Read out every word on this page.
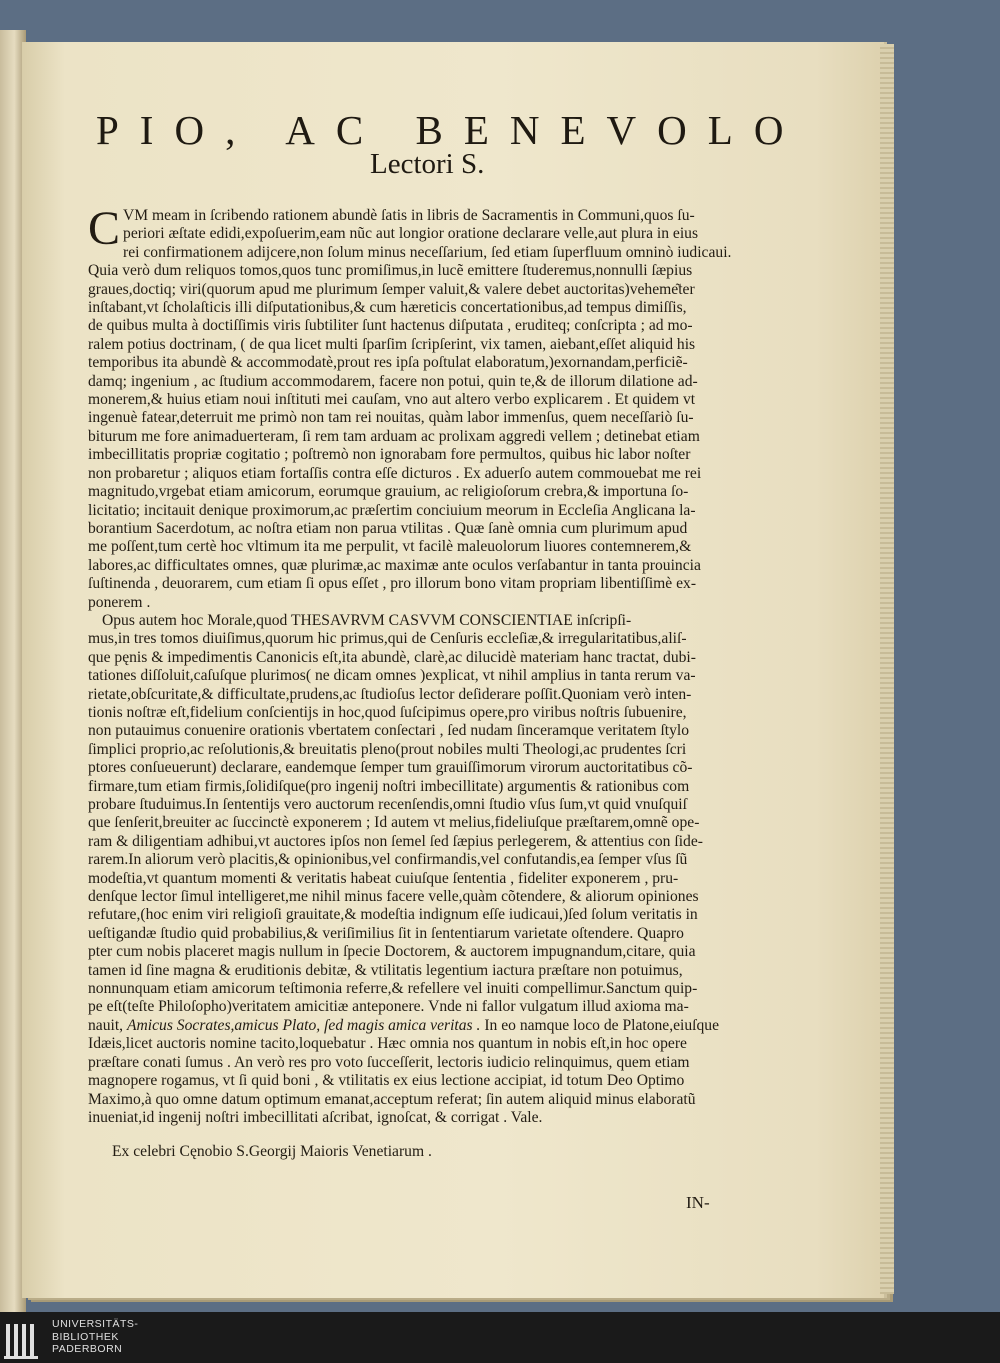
PIO, AC BENEVOLO
Lectori S.
C VM meam in ſcribendo rationem abundè ſatis in libris de Sacramentis in Communi,quos ſu-
periori æſtate edidi,expoſuerim,eam nũc aut longior oratione declarare velle,aut plura in eius
rei confirmationem adijcere,non ſolum minus neceſſarium, ſed etiam ſuperfluum omninò iudicaui.
Quia verò dum reliquos tomos,quos tunc promiſimus,in lucẽ emittere ſtuderemus,nonnulli ſæpius
graues,doctiq; viri(quorum apud me plurimum ſemper valuit,& valere debet auctoritas)veheme͂ter
inſtabant,vt ſcholaſticis illi diſputationibus,& cum hæreticis concertationibus,ad tempus dimiſſis,
de quibus multa à doctiſſimis viris ſubtiliter ſunt hactenus diſputata , eruditeq; conſcripta ; ad mo-
ralem potius doctrinam, ( de qua licet multi ſparſim ſcripſerint, vix tamen, aiebant,eſſet aliquid his
temporibus ita abundè & accommodatè,prout res ipſa poſtulat elaboratum,)exornandam,perficiẽ-
damq; ingenium , ac ſtudium accommodarem, facere non potui, quin te,& de illorum dilatione ad-
monerem,& huius etiam noui inſtituti mei cauſam, vno aut altero verbo explicarem . Et quidem vt
ingenuè fatear,deterruit me primò non tam rei nouitas, quàm labor immenſus, quem neceſſariò ſu-
biturum me fore animaduerteram, ſi rem tam arduam ac prolixam aggredi vellem ; detinebat etiam
imbecillitatis propriæ cogitatio ; poſtremò non ignorabam fore permultos, quibus hic labor noſter
non probaretur ; aliquos etiam fortaſſis contra eſſe dicturos . Ex aduerſo autem commouebat me rei
magnitudo,vrgebat etiam amicorum, eorumque grauium, ac religioſorum crebra,& importuna ſo-
licitatio; incitauit denique proximorum,ac præſertim conciuium meorum in Eccleſia Anglicana la-
borantium Sacerdotum, ac noſtra etiam non parua vtilitas . Quæ ſanè omnia cum plurimum apud
me poſſent,tum certè hoc vltimum ita me perpulit, vt facilè maleuolorum liuores contemnerem,&
labores,ac difficultates omnes, quæ plurimæ,ac maximæ ante oculos verſabantur in tanta prouincia
ſuſtinenda , deuorarem, cum etiam ſi opus eſſet , pro illorum bono vitam propriam libentiſſimè ex-
ponerem .
Opus autem hoc Morale,quod THESAVRVM CASVVM CONSCIENTIAE inſcripſi-
mus,in tres tomos diuiſimus,quorum hic primus,qui de Cenſuris eccleſiæ,& irregularitatibus,aliſ-
que pęnis & impedimentis Canonicis eſt,ita abundè, clarè,ac dilucidè materiam hanc tractat, dubi-
tationes diſſoluit,caſuſque plurimos( ne dicam omnes )explicat, vt nihil amplius in tanta rerum va-
rietate,obſcuritate,& difficultate,prudens,ac ſtudioſus lector deſiderare poſſit.Quoniam verò inten-
tionis noſtræ eſt,fidelium conſcientijs in hoc,quod ſuſcipimus opere,pro viribus noſtris ſubuenire,
non putauimus conuenire orationis vbertatem conſectari , ſed nudam ſinceramque veritatem ſtylo
ſimplici proprio,ac reſolutionis,& breuitatis pleno(prout nobiles multi Theologi,ac prudentes ſcri
ptores conſueuerunt) declarare, eandemque ſemper tum grauiſſimorum virorum auctoritatibus cõ-
firmare,tum etiam firmis,ſolidiſque(pro ingenij noſtri imbecillitate) argumentis & rationibus com
probare ſtuduimus.In ſententijs vero auctorum recenſendis,omni ſtudio vſus ſum,vt quid vnuſquiſ
que ſenſerit,breuiter ac ſuccinctè exponerem ; Id autem vt melius,fideliuſque præſtarem,omnẽ ope-
ram & diligentiam adhibui,vt auctores ipſos non ſemel ſed ſæpius perlegerem, & attentius con ſide-
rarem.In aliorum verò placitis,& opinionibus,vel confirmandis,vel confutandis,ea ſemper vſus ſũ
modeſtia,vt quantum momenti & veritatis habeat cuiuſque ſententia , fideliter exponerem , pru-
denſque lector ſimul intelligeret,me nihil minus facere velle,quàm cõtendere, & aliorum opiniones
refutare,(hoc enim viri religioſi grauitate,& modeſtia indignum eſſe iudicaui,)ſed ſolum veritatis in
ueſtigandæ ſtudio quid probabilius,& veriſimilius ſit in ſententiarum varietate oſtendere. Quapro
pter cum nobis placeret magis nullum in ſpecie Doctorem, & auctorem impugnandum,citare, quia
tamen id ſine magna & eruditionis debitæ, & vtilitatis legentium iactura præſtare non potuimus,
nonnunquam etiam amicorum teſtimonia referre,& refellere vel inuiti compellimur.Sanctum quip-
pe eſt(teſte Philoſopho)veritatem amicitiæ anteponere. Vnde ni fallor vulgatum illud axioma ma-
nauit, Amicus Socrates,amicus Plato, ſed magis amica veritas . In eo namque loco de Platone,eiuſque
Idæis,licet auctoris nomine tacito,loquebatur . Hæc omnia nos quantum in nobis eſt,in hoc opere
præſtare conati ſumus . An verò res pro voto ſucceſſerit, lectoris iudicio relinquimus, quem etiam
magnopere rogamus, vt ſi quid boni , & vtilitatis ex eius lectione accipiat, id totum Deo Optimo
Maximo,à quo omne datum optimum emanat,acceptum referat; ſin autem aliquid minus elaboratũ
inueniat,id ingenij noſtri imbecillitati aſcribat, ignoſcat, & corrigat . Vale.
Ex celebri Cęnobio S.Georgij Maioris Venetiarum .
IN-
UNIVERSITÄTS-
BIBLIOTHEK
PADERBORN
